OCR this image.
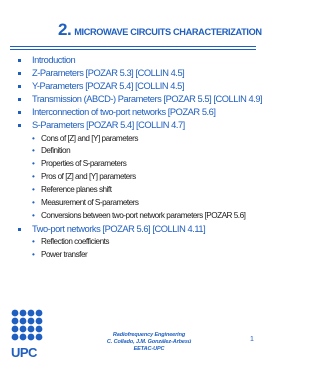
2. MICROWAVE CIRCUITS CHARACTERIZATION
Introduction
Z-Parameters [POZAR 5.3] [COLLIN 4.5]
Y-Parameters [POZAR 5.4] [COLLIN 4.5]
Transmission (ABCD-) Parameters [POZAR 5.5] [COLLIN 4.9]
Interconnection of two-port networks [POZAR 5.6]
S-Parameters [POZAR 5.4] [COLLIN 4.7]
• Cons of [Z] and [Y] parameters
• Definition
• Properties of S-parameters
• Pros of [Z] and [Y] parameters
• Reference planes shift
• Measurement of S-parameters
• Conversions between two-port network parameters [POZAR 5.6]
Two-port networks [POZAR 5.6] [COLLIN 4.11]
• Reflection coefficients
• Power transfer
UPC
Radiofrequency Engineering
C. Collado, J.M. González-Arbesú
EETAC-UPC
1
